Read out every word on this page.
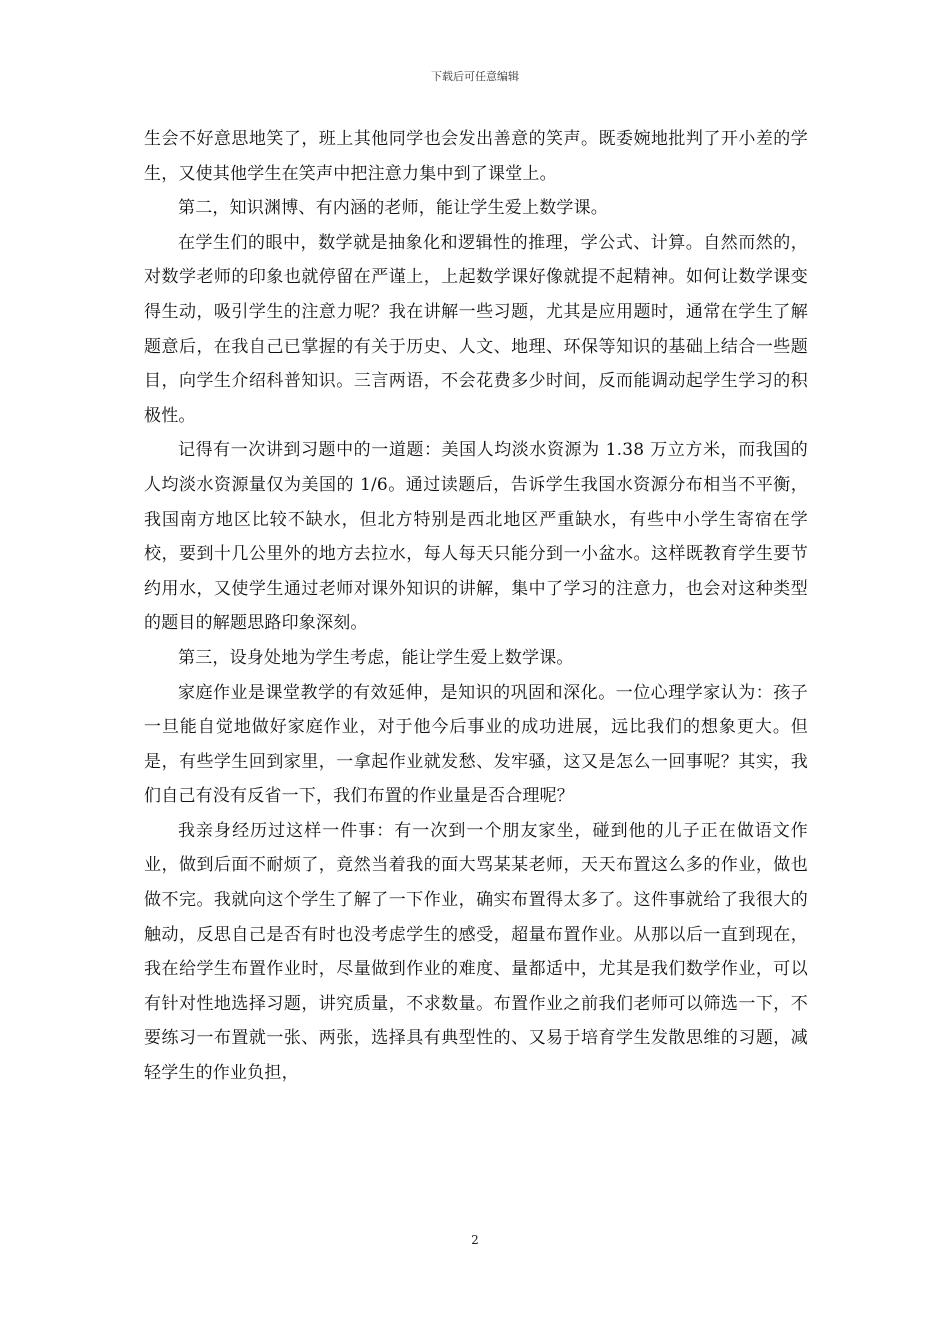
下载后可任意编辑

生会不好意思地笑了，班上其他同学也会发出善意的笑声。既委婉地批判了开小差的学生，又使其他学生在笑声中把注意力集中到了课堂上。

第二，知识渊博、有内涵的老师，能让学生爱上数学课。

在学生们的眼中，数学就是抽象化和逻辑性的推理，学公式、计算。自然而然的，对数学老师的印象也就停留在严谨上，上起数学课好像就提不起精神。如何让数学课变得生动，吸引学生的注意力呢？我在讲解一些习题，尤其是应用题时，通常在学生了解题意后，在我自己已掌握的有关于历史、人文、地理、环保等知识的基础上结合一些题目，向学生介绍科普知识。三言两语，不会花费多少时间，反而能调动起学生学习的积极性。

记得有一次讲到习题中的一道题：美国人均淡水资源为 1.38 万立方米，而我国的人均淡水资源量仅为美国的 1/6。通过读题后，告诉学生我国水资源分布相当不平衡，我国南方地区比较不缺水，但北方特别是西北地区严重缺水，有些中小学生寄宿在学校，要到十几公里外的地方去拉水，每人每天只能分到一小盆水。这样既教育学生要节约用水，又使学生通过老师对课外知识的讲解，集中了学习的注意力，也会对这种类型的题目的解题思路印象深刻。

第三，设身处地为学生考虑，能让学生爱上数学课。

家庭作业是课堂教学的有效延伸，是知识的巩固和深化。一位心理学家认为：孩子一旦能自觉地做好家庭作业，对于他今后事业的成功进展，远比我们的想象更大。但是，有些学生回到家里，一拿起作业就发愁、发牢骚，这又是怎么一回事呢？其实，我们自己有没有反省一下，我们布置的作业量是否合理呢？

我亲身经历过这样一件事：有一次到一个朋友家坐，碰到他的儿子正在做语文作业，做到后面不耐烦了，竟然当着我的面大骂某某老师，天天布置这么多的作业，做也做不完。我就向这个学生了解了一下作业，确实布置得太多了。这件事就给了我很大的触动，反思自己是否有时也没考虑学生的感受，超量布置作业。从那以后一直到现在，我在给学生布置作业时，尽量做到作业的难度、量都适中，尤其是我们数学作业，可以有针对性地选择习题，讲究质量，不求数量。布置作业之前我们老师可以筛选一下，不要练习一布置就一张、两张，选择具有典型性的、又易于培育学生发散思维的习题，减轻学生的作业负担，

2
